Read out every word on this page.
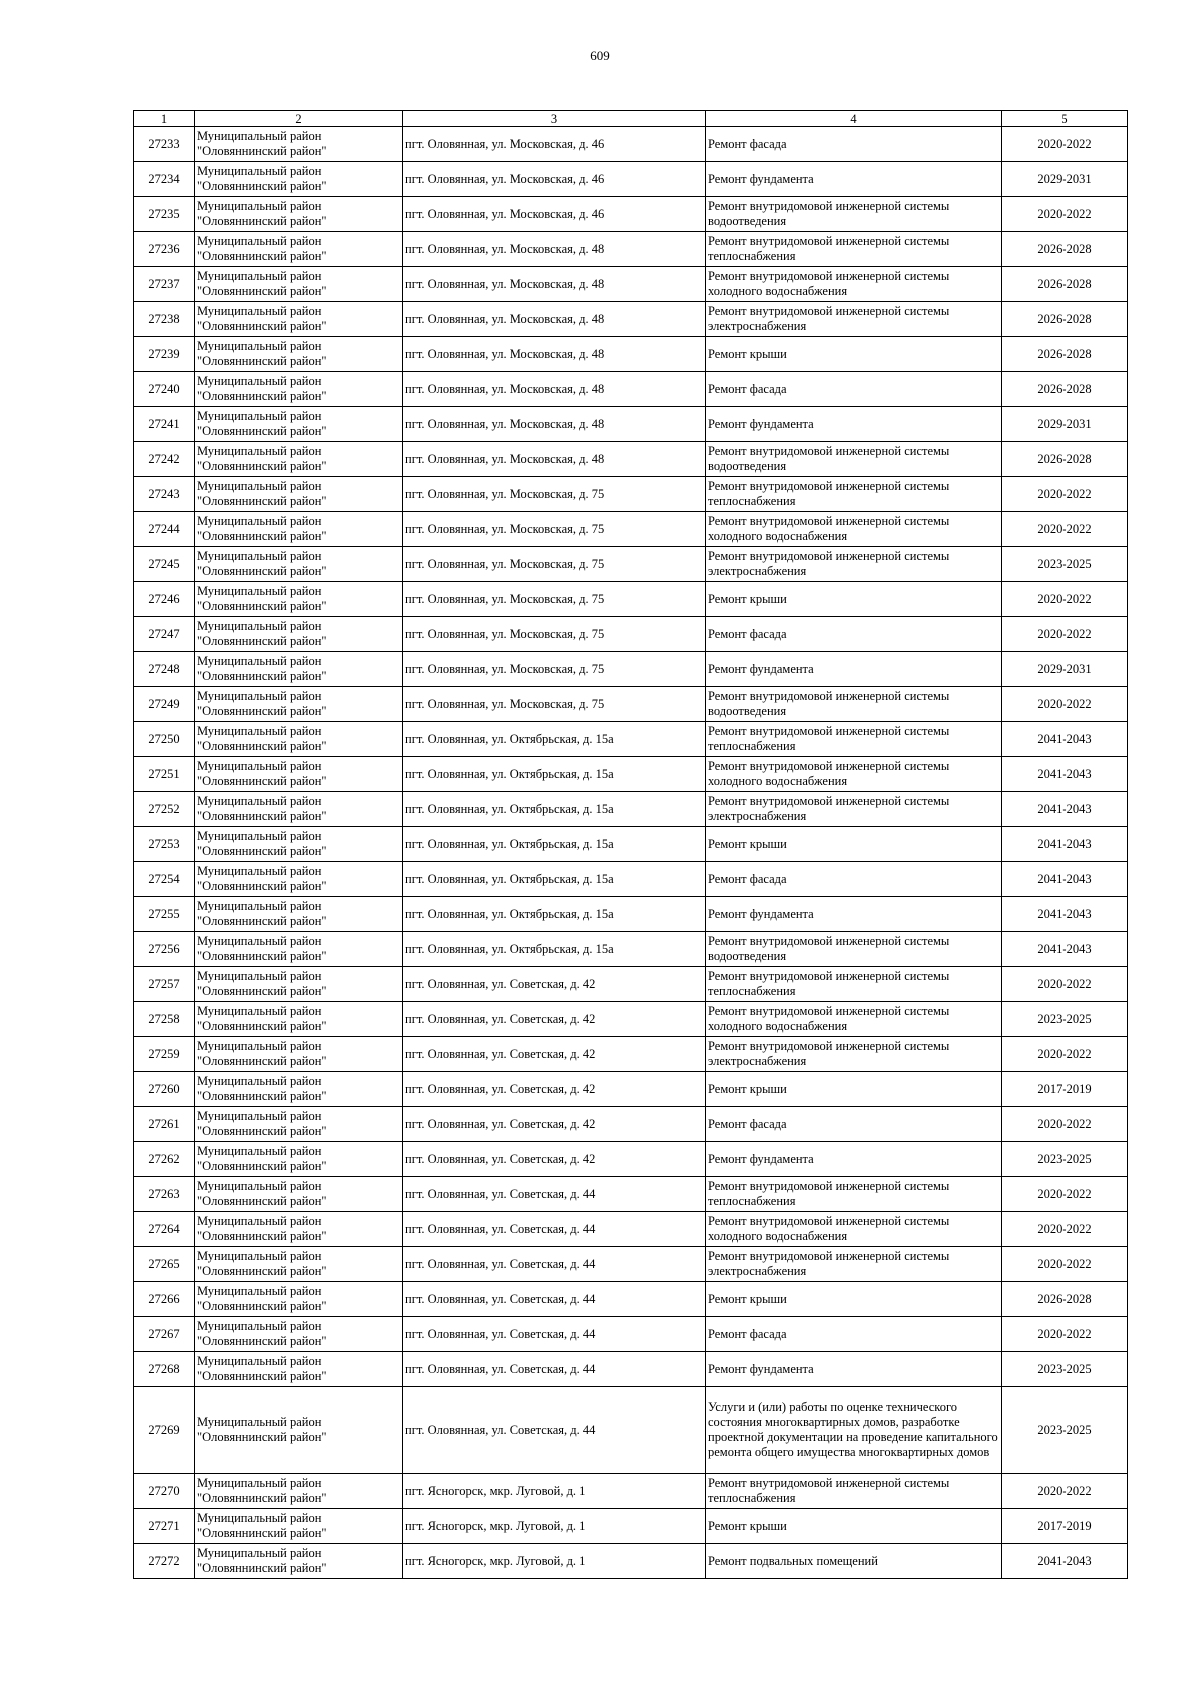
609
1	2	3	4	5
27233	Муниципальный район "Оловяннинский район"	пгт. Оловянная, ул. Московская, д. 46	Ремонт фасада	2020-2022
27234	Муниципальный район "Оловяннинский район"	пгт. Оловянная, ул. Московская, д. 46	Ремонт фундамента	2029-2031
27235	Муниципальный район "Оловяннинский район"	пгт. Оловянная, ул. Московская, д. 46	Ремонт внутридомовой инженерной системы водоотведения	2020-2022
27236	Муниципальный район "Оловяннинский район"	пгт. Оловянная, ул. Московская, д. 48	Ремонт внутридомовой инженерной системы теплоснабжения	2026-2028
27237	Муниципальный район "Оловяннинский район"	пгт. Оловянная, ул. Московская, д. 48	Ремонт внутридомовой инженерной системы холодного водоснабжения	2026-2028
27238	Муниципальный район "Оловяннинский район"	пгт. Оловянная, ул. Московская, д. 48	Ремонт внутридомовой инженерной системы электроснабжения	2026-2028
27239	Муниципальный район "Оловяннинский район"	пгт. Оловянная, ул. Московская, д. 48	Ремонт крыши	2026-2028
27240	Муниципальный район "Оловяннинский район"	пгт. Оловянная, ул. Московская, д. 48	Ремонт фасада	2026-2028
27241	Муниципальный район "Оловяннинский район"	пгт. Оловянная, ул. Московская, д. 48	Ремонт фундамента	2029-2031
27242	Муниципальный район "Оловяннинский район"	пгт. Оловянная, ул. Московская, д. 48	Ремонт внутридомовой инженерной системы водоотведения	2026-2028
27243	Муниципальный район "Оловяннинский район"	пгт. Оловянная, ул. Московская, д. 75	Ремонт внутридомовой инженерной системы теплоснабжения	2020-2022
27244	Муниципальный район "Оловяннинский район"	пгт. Оловянная, ул. Московская, д. 75	Ремонт внутридомовой инженерной системы холодного водоснабжения	2020-2022
27245	Муниципальный район "Оловяннинский район"	пгт. Оловянная, ул. Московская, д. 75	Ремонт внутридомовой инженерной системы электроснабжения	2023-2025
27246	Муниципальный район "Оловяннинский район"	пгт. Оловянная, ул. Московская, д. 75	Ремонт крыши	2020-2022
27247	Муниципальный район "Оловяннинский район"	пгт. Оловянная, ул. Московская, д. 75	Ремонт фасада	2020-2022
27248	Муниципальный район "Оловяннинский район"	пгт. Оловянная, ул. Московская, д. 75	Ремонт фундамента	2029-2031
27249	Муниципальный район "Оловяннинский район"	пгт. Оловянная, ул. Московская, д. 75	Ремонт внутридомовой инженерной системы водоотведения	2020-2022
27250	Муниципальный район "Оловяннинский район"	пгт. Оловянная, ул. Октябрьская, д. 15а	Ремонт внутридомовой инженерной системы теплоснабжения	2041-2043
27251	Муниципальный район "Оловяннинский район"	пгт. Оловянная, ул. Октябрьская, д. 15а	Ремонт внутридомовой инженерной системы холодного водоснабжения	2041-2043
27252	Муниципальный район "Оловяннинский район"	пгт. Оловянная, ул. Октябрьская, д. 15а	Ремонт внутридомовой инженерной системы электроснабжения	2041-2043
27253	Муниципальный район "Оловяннинский район"	пгт. Оловянная, ул. Октябрьская, д. 15а	Ремонт крыши	2041-2043
27254	Муниципальный район "Оловяннинский район"	пгт. Оловянная, ул. Октябрьская, д. 15а	Ремонт фасада	2041-2043
27255	Муниципальный район "Оловяннинский район"	пгт. Оловянная, ул. Октябрьская, д. 15а	Ремонт фундамента	2041-2043
27256	Муниципальный район "Оловяннинский район"	пгт. Оловянная, ул. Октябрьская, д. 15а	Ремонт внутридомовой инженерной системы водоотведения	2041-2043
27257	Муниципальный район "Оловяннинский район"	пгт. Оловянная, ул. Советская, д. 42	Ремонт внутридомовой инженерной системы теплоснабжения	2020-2022
27258	Муниципальный район "Оловяннинский район"	пгт. Оловянная, ул. Советская, д. 42	Ремонт внутридомовой инженерной системы холодного водоснабжения	2023-2025
27259	Муниципальный район "Оловяннинский район"	пгт. Оловянная, ул. Советская, д. 42	Ремонт внутридомовой инженерной системы электроснабжения	2020-2022
27260	Муниципальный район "Оловяннинский район"	пгт. Оловянная, ул. Советская, д. 42	Ремонт крыши	2017-2019
27261	Муниципальный район "Оловяннинский район"	пгт. Оловянная, ул. Советская, д. 42	Ремонт фасада	2020-2022
27262	Муниципальный район "Оловяннинский район"	пгт. Оловянная, ул. Советская, д. 42	Ремонт фундамента	2023-2025
27263	Муниципальный район "Оловяннинский район"	пгт. Оловянная, ул. Советская, д. 44	Ремонт внутридомовой инженерной системы теплоснабжения	2020-2022
27264	Муниципальный район "Оловяннинский район"	пгт. Оловянная, ул. Советская, д. 44	Ремонт внутридомовой инженерной системы холодного водоснабжения	2020-2022
27265	Муниципальный район "Оловяннинский район"	пгт. Оловянная, ул. Советская, д. 44	Ремонт внутридомовой инженерной системы электроснабжения	2020-2022
27266	Муниципальный район "Оловяннинский район"	пгт. Оловянная, ул. Советская, д. 44	Ремонт крыши	2026-2028
27267	Муниципальный район "Оловяннинский район"	пгт. Оловянная, ул. Советская, д. 44	Ремонт фасада	2020-2022
27268	Муниципальный район "Оловяннинский район"	пгт. Оловянная, ул. Советская, д. 44	Ремонт фундамента	2023-2025
27269	Муниципальный район "Оловяннинский район"	пгт. Оловянная, ул. Советская, д. 44	Услуги и (или) работы по оценке технического состояния многоквартирных домов, разработке проектной документации на проведение капитального ремонта общего имущества многоквартирных домов	2023-2025
27270	Муниципальный район "Оловяннинский район"	пгт. Ясногорск, мкр. Луговой, д. 1	Ремонт внутридомовой инженерной системы теплоснабжения	2020-2022
27271	Муниципальный район "Оловяннинский район"	пгт. Ясногорск, мкр. Луговой, д. 1	Ремонт крыши	2017-2019
27272	Муниципальный район "Оловяннинский район"	пгт. Ясногорск, мкр. Луговой, д. 1	Ремонт подвальных помещений	2041-2043
